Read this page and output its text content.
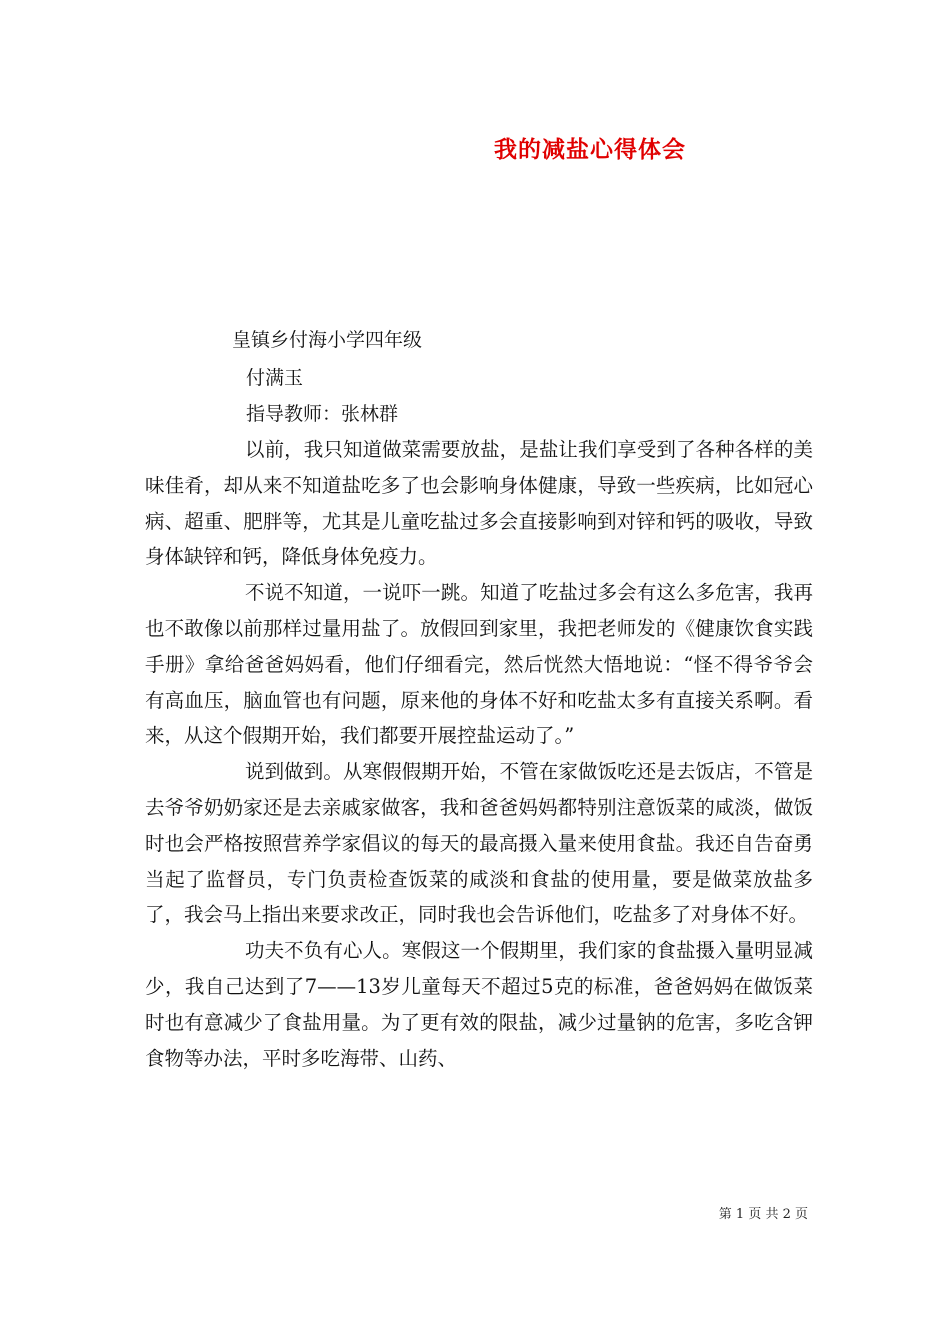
我的减盐心得体会
皇镇乡付海小学四年级
付满玉
指导教师：张林群

以前，我只知道做菜需要放盐，是盐让我们享受到了各种各样的美味佳肴，却从来不知道盐吃多了也会影响身体健康，导致一些疾病，比如冠心病、超重、肥胖等，尤其是儿童吃盐过多会直接影响到对锌和钙的吸收，导致身体缺锌和钙，降低身体免疫力。

不说不知道，一说吓一跳。知道了吃盐过多会有这么多危害，我再也不敢像以前那样过量用盐了。放假回到家里，我把老师发的《健康饮食实践手册》拿给爸爸妈妈看，他们仔细看完，然后恍然大悟地说：“怪不得爷爷会有高血压，脑血管也有问题，原来他的身体不好和吃盐太多有直接关系啊。看来，从这个假期开始，我们都要开展控盐运动了。”

说到做到。从寒假假期开始，不管在家做饭吃还是去饭店，不管是去爷爷奶奶家还是去亲戚家做客，我和爸爸妈妈都特别注意饭菜的咸淡，做饭时也会严格按照营养学家倡议的每天的最高摄入量来使用食盐。我还自告奋勇当起了监督员，专门负责检查饭菜的咸淡和食盐的使用量，要是做菜放盐多了，我会马上指出来要求改正，同时我也会告诉他们，吃盐多了对身体不好。

功夫不负有心人。寒假这一个假期里，我们家的食盐摄入量明显减少，我自己达到了7——13岁儿童每天不超过5克的标准，爸爸妈妈在做饭菜时也有意减少了食盐用量。为了更有效的限盐，减少过量钠的危害，多吃含钾食物等办法，平时多吃海带、山药、

第 1 页 共 2 页
